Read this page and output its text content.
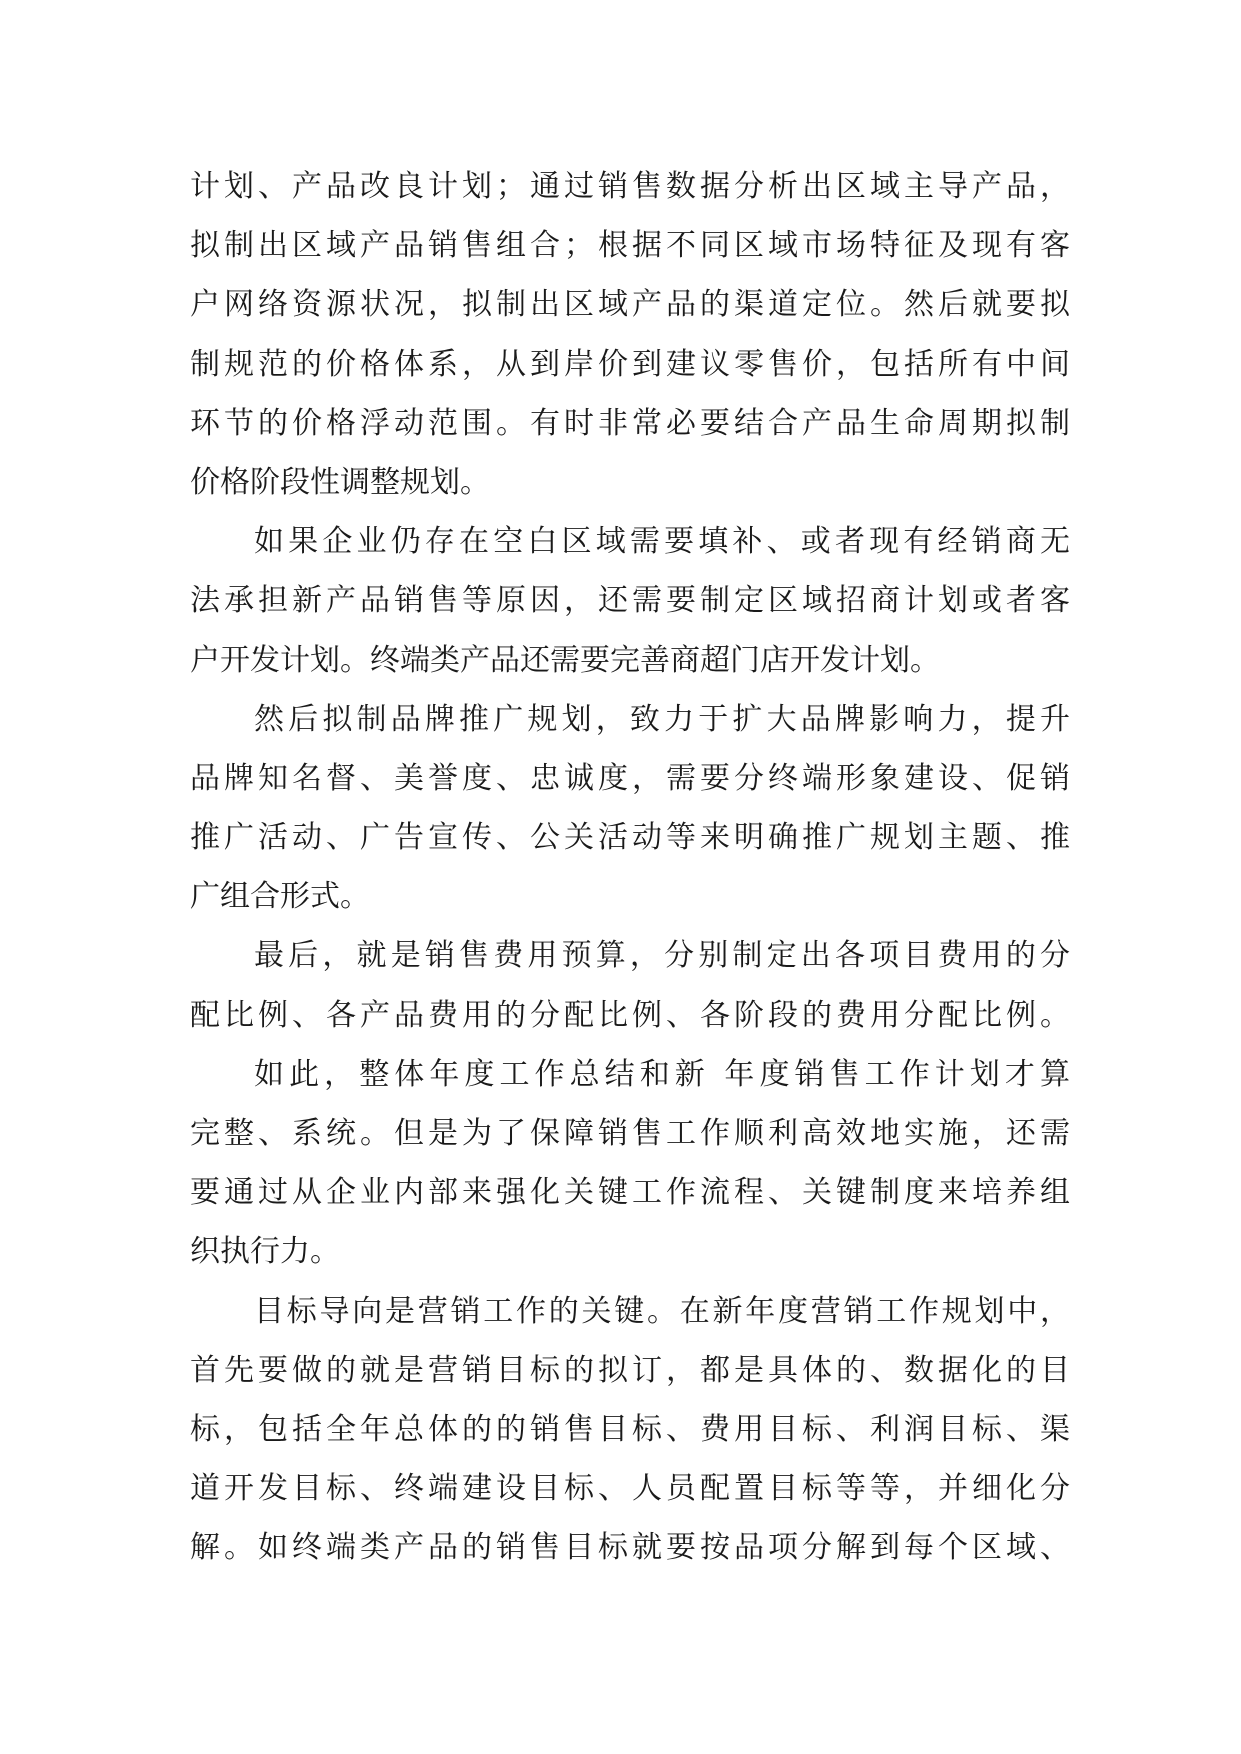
计划、产品改良计划；通过销售数据分析出区域主导产品，
拟制出区域产品销售组合；根据不同区域市场特征及现有客
户网络资源状况，拟制出区域产品的渠道定位。然后就要拟
制规范的价格体系，从到岸价到建议零售价，包括所有中间
环节的价格浮动范围。有时非常必要结合产品生命周期拟制
价格阶段性调整规划。
如果企业仍存在空白区域需要填补、或者现有经销商无
法承担新产品销售等原因，还需要制定区域招商计划或者客
户开发计划。终端类产品还需要完善商超门店开发计划。
然后拟制品牌推广规划，致力于扩大品牌影响力，提升
品牌知名督、美誉度、忠诚度，需要分终端形象建设、促销
推广活动、广告宣传、公关活动等来明确推广规划主题、推
广组合形式。
最后，就是销售费用预算，分别制定出各项目费用的分
配比例、各产品费用的分配比例、各阶段的费用分配比例。
如此，整体年度工作总结和新 年度销售工作计划才算
完整、系统。但是为了保障销售工作顺利高效地实施，还需
要通过从企业内部来强化关键工作流程、关键制度来培养组
织执行力。
目标导向是营销工作的关键。在新年度营销工作规划中，
首先要做的就是营销目标的拟订，都是具体的、数据化的目
标，包括全年总体的的销售目标、费用目标、利润目标、渠
道开发目标、终端建设目标、人员配置目标等等，并细化分
解。如终端类产品的销售目标就要按品项分解到每个区域、
